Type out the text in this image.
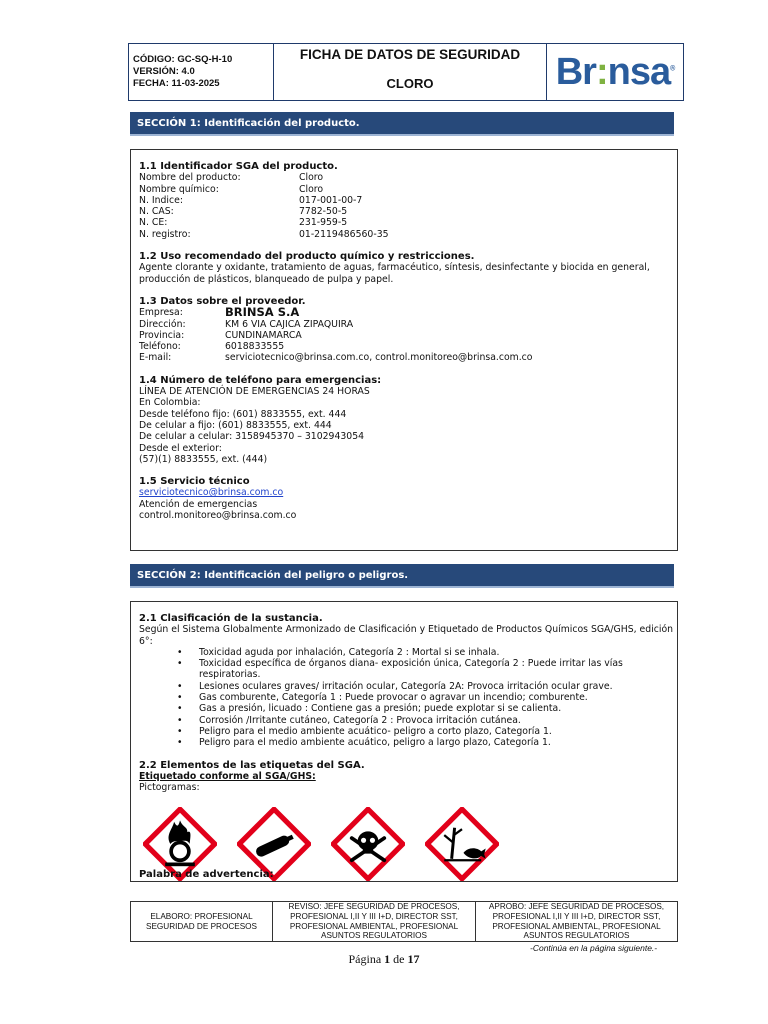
CÓDIGO: GC-SQ-H-10
VERSIÓN: 4.0
FECHA: 11-03-2025
FICHA DE DATOS DE SEGURIDAD
CLORO	Br:nsa®
SECCIÓN 1: Identificación del producto.
1.1 Identificador SGA del producto.
Nombre del producto:	Cloro
Nombre químico:	Cloro
N. Indice:	017-001-00-7
N. CAS:	7782-50-5
N. CE:	231-959-5
N. registro:	01-2119486560-35
1.2 Uso recomendado del producto químico y restricciones.
Agente clorante y oxidante, tratamiento de aguas, farmacéutico, síntesis, desinfectante y biocida en general, producción de plásticos, blanqueado de pulpa y papel.
1.3 Datos sobre el proveedor.
Empresa:	BRINSA S.A
Dirección:	KM 6 VIA CAJICA ZIPAQUIRA
Provincia:	CUNDINAMARCA
Teléfono:	6018833555
E-mail:	serviciotecnico@brinsa.com.co, control.monitoreo@brinsa.com.co
1.4 Número de teléfono para emergencias:
LÍNEA DE ATENCIÓN DE EMERGENCIAS 24 HORAS
En Colombia:
Desde teléfono fijo: (601) 8833555, ext. 444
De celular a fijo: (601) 8833555, ext. 444
De celular a celular: 3158945370 – 3102943054
Desde el exterior:
(57)(1) 8833555, ext. (444)
1.5 Servicio técnico
serviciotecnico@brinsa.com.co
Atención de emergencias
control.monitoreo@brinsa.com.co
SECCIÓN 2: Identificación del peligro o peligros.
2.1 Clasificación de la sustancia.
Según el Sistema Globalmente Armonizado de Clasificación y Etiquetado de Productos Químicos SGA/GHS, edición 6°:
• Toxicidad aguda por inhalación, Categoría 2 : Mortal si se inhala.
• Toxicidad específica de órganos diana- exposición única, Categoría 2 : Puede irritar las vías respiratorias.
• Lesiones oculares graves/ irritación ocular, Categoría 2A: Provoca irritación ocular grave.
• Gas comburente, Categoría 1 : Puede provocar o agravar un incendio; comburente.
• Gas a presión, licuado : Contiene gas a presión; puede explotar si se calienta.
• Corrosión /Irritante cutáneo, Categoría 2 : Provoca irritación cutánea.
• Peligro para el medio ambiente acuático- peligro a corto plazo, Categoría 1.
• Peligro para el medio ambiente acuático, peligro a largo plazo, Categoría 1.
2.2 Elementos de las etiquetas del SGA.
Etiquetado conforme al SGA/GHS:
Pictogramas:
Palabra de advertencia:
ELABORO: PROFESIONAL SEGURIDAD DE PROCESOS
REVISO: JEFE SEGURIDAD DE PROCESOS, PROFESIONAL I,II Y III I+D, DIRECTOR SST, PROFESIONAL AMBIENTAL, PROFESIONAL ASUNTOS REGULATORIOS
APROBO: JEFE SEGURIDAD DE PROCESOS, PROFESIONAL I,II Y III I+D, DIRECTOR SST, PROFESIONAL AMBIENTAL, PROFESIONAL ASUNTOS REGULATORIOS
-Continúa en la página siguiente.-
Página 1 de 17
